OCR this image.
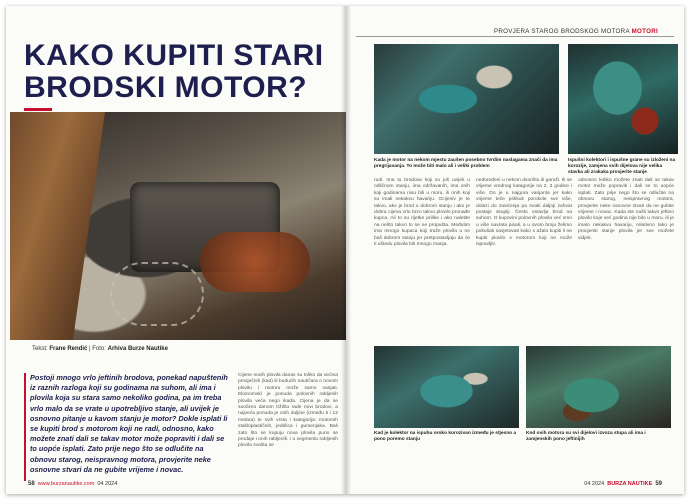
KAKO KUPITI STARI BRODSKI MOTOR?
Tekst: Frane Rendić | Foto: Arhiva Burze Nautike
Postoji mnogo vrlo jeftinih brodova, ponekad napuštenih iz raznih razloga koji su godinama na suhom, ali ima i plovila koja su stara samo nekoliko godina, pa im treba vrlo malo da se vrate u upotrebljivo stanje, ali uvijek je osnovno pitanje u kavom stanju je motor? Dokle isplati li se kupiti brod s motorom koji ne radi, odnosno, kako možete znati dali se takav motor može popraviti i dali se to uopće isplati. Zato prije nego što se odlučite na obnovu starog, neispravnog motora, provjerite neke osnovne stvari da ne gubite vrijeme i novac.
Cijene novih plovila danas su toliko da većina prosječnih (kad) ili budućih nautičara o novom plovilu i motoru može samo sanjati. Ekonomski je ponuda polovnih rabljenih plovila veća nego ikada. Cijena je da se suočimo danom tržištu rade novi brodovi, a najveća ponuda je onih duljine (između 5 i 12 metara) te svih vrsta i kategorija: motornih stakloplastičnih, jedrilica i gumenjaka. Baš zato što se kupuju nova plovila puno se prodaje i onih rabljenih, i u segmentu rabljenih plovila svašta se
58 www.burzanautike.com 04 2024
PROVJERA STAROG BRODSKOG MOTORA MOTORI
Kada je motor na nekom mjestu zaušen posebno tvrdim naslagama znači da ima pregrijavanja. To može biti malo ali i veliki problem
Ispušni kolektori i ispušne grane su izloženi na korozije, zamjena svih dijelova nije velika stavka ali zrakaka provjerite stanje
rudi. Ima tu brodova koji su još uvijek u odličnom stanju, ima održavanih, ima onih koji godinama nisu bili u moru, ili onih koji su imali nekakvu havariju. Ocijeniv je te takvo, ako je brod u dobrom stanju i ako je dobra cijena vrlo brzo takvo plovilo pronađe kupca. Ali to su rijetke prilike i ako naletite na nešto takvo to se ne propušta. Međutim ima mnogo kupaca koji traže plovila u ne baš dobrom stanju jer pretpostavljaju da će ti uštedu plovila biti mnogo manja.
nedoređeni u nekom dvorištu ili garaži. Ili se vrijeme vrednog katagorije na 2, 3 godine i više. Do je u najgora varijanta jer kako vrijeme teče prilikuk porokole sve više, dolazi do zasićenja pa svaki daljnji zahvat postaje skuplji. Često ostavlja brod na suhom. O kupovini polovnih plovila već smo u više navrata pisali, a u ovom broju želimo pokušati savjetovati kako s ažalo kupiti li ne kupiti plovilo s motorom koji ne može ispravljiti.
odnosno koliko možete znati dali se takav motor može popraviti i dali se to uopće isplati. Zato prije nego što se odlučite na obnovu starog, neispravnog motora, provjerite neke osnovne stvari da ne gubite vrijeme i novac. Kada ste našli takvo jeftino plovilo koje već godina nije bilo u moru, ili je imalo nekakvu havariju, relativno lako je procjeniti stanje plovila jer sve možete vidjeti.
Kad je kolektor na ispuhu oroko korozivan između je stjesno a pono poremo stanju
Kod ovih motora su svi dijelovi izvoza stupa ali ima i zamjenskih pono jeftinijih
04 2024 BURZA NAUTIKE 59
